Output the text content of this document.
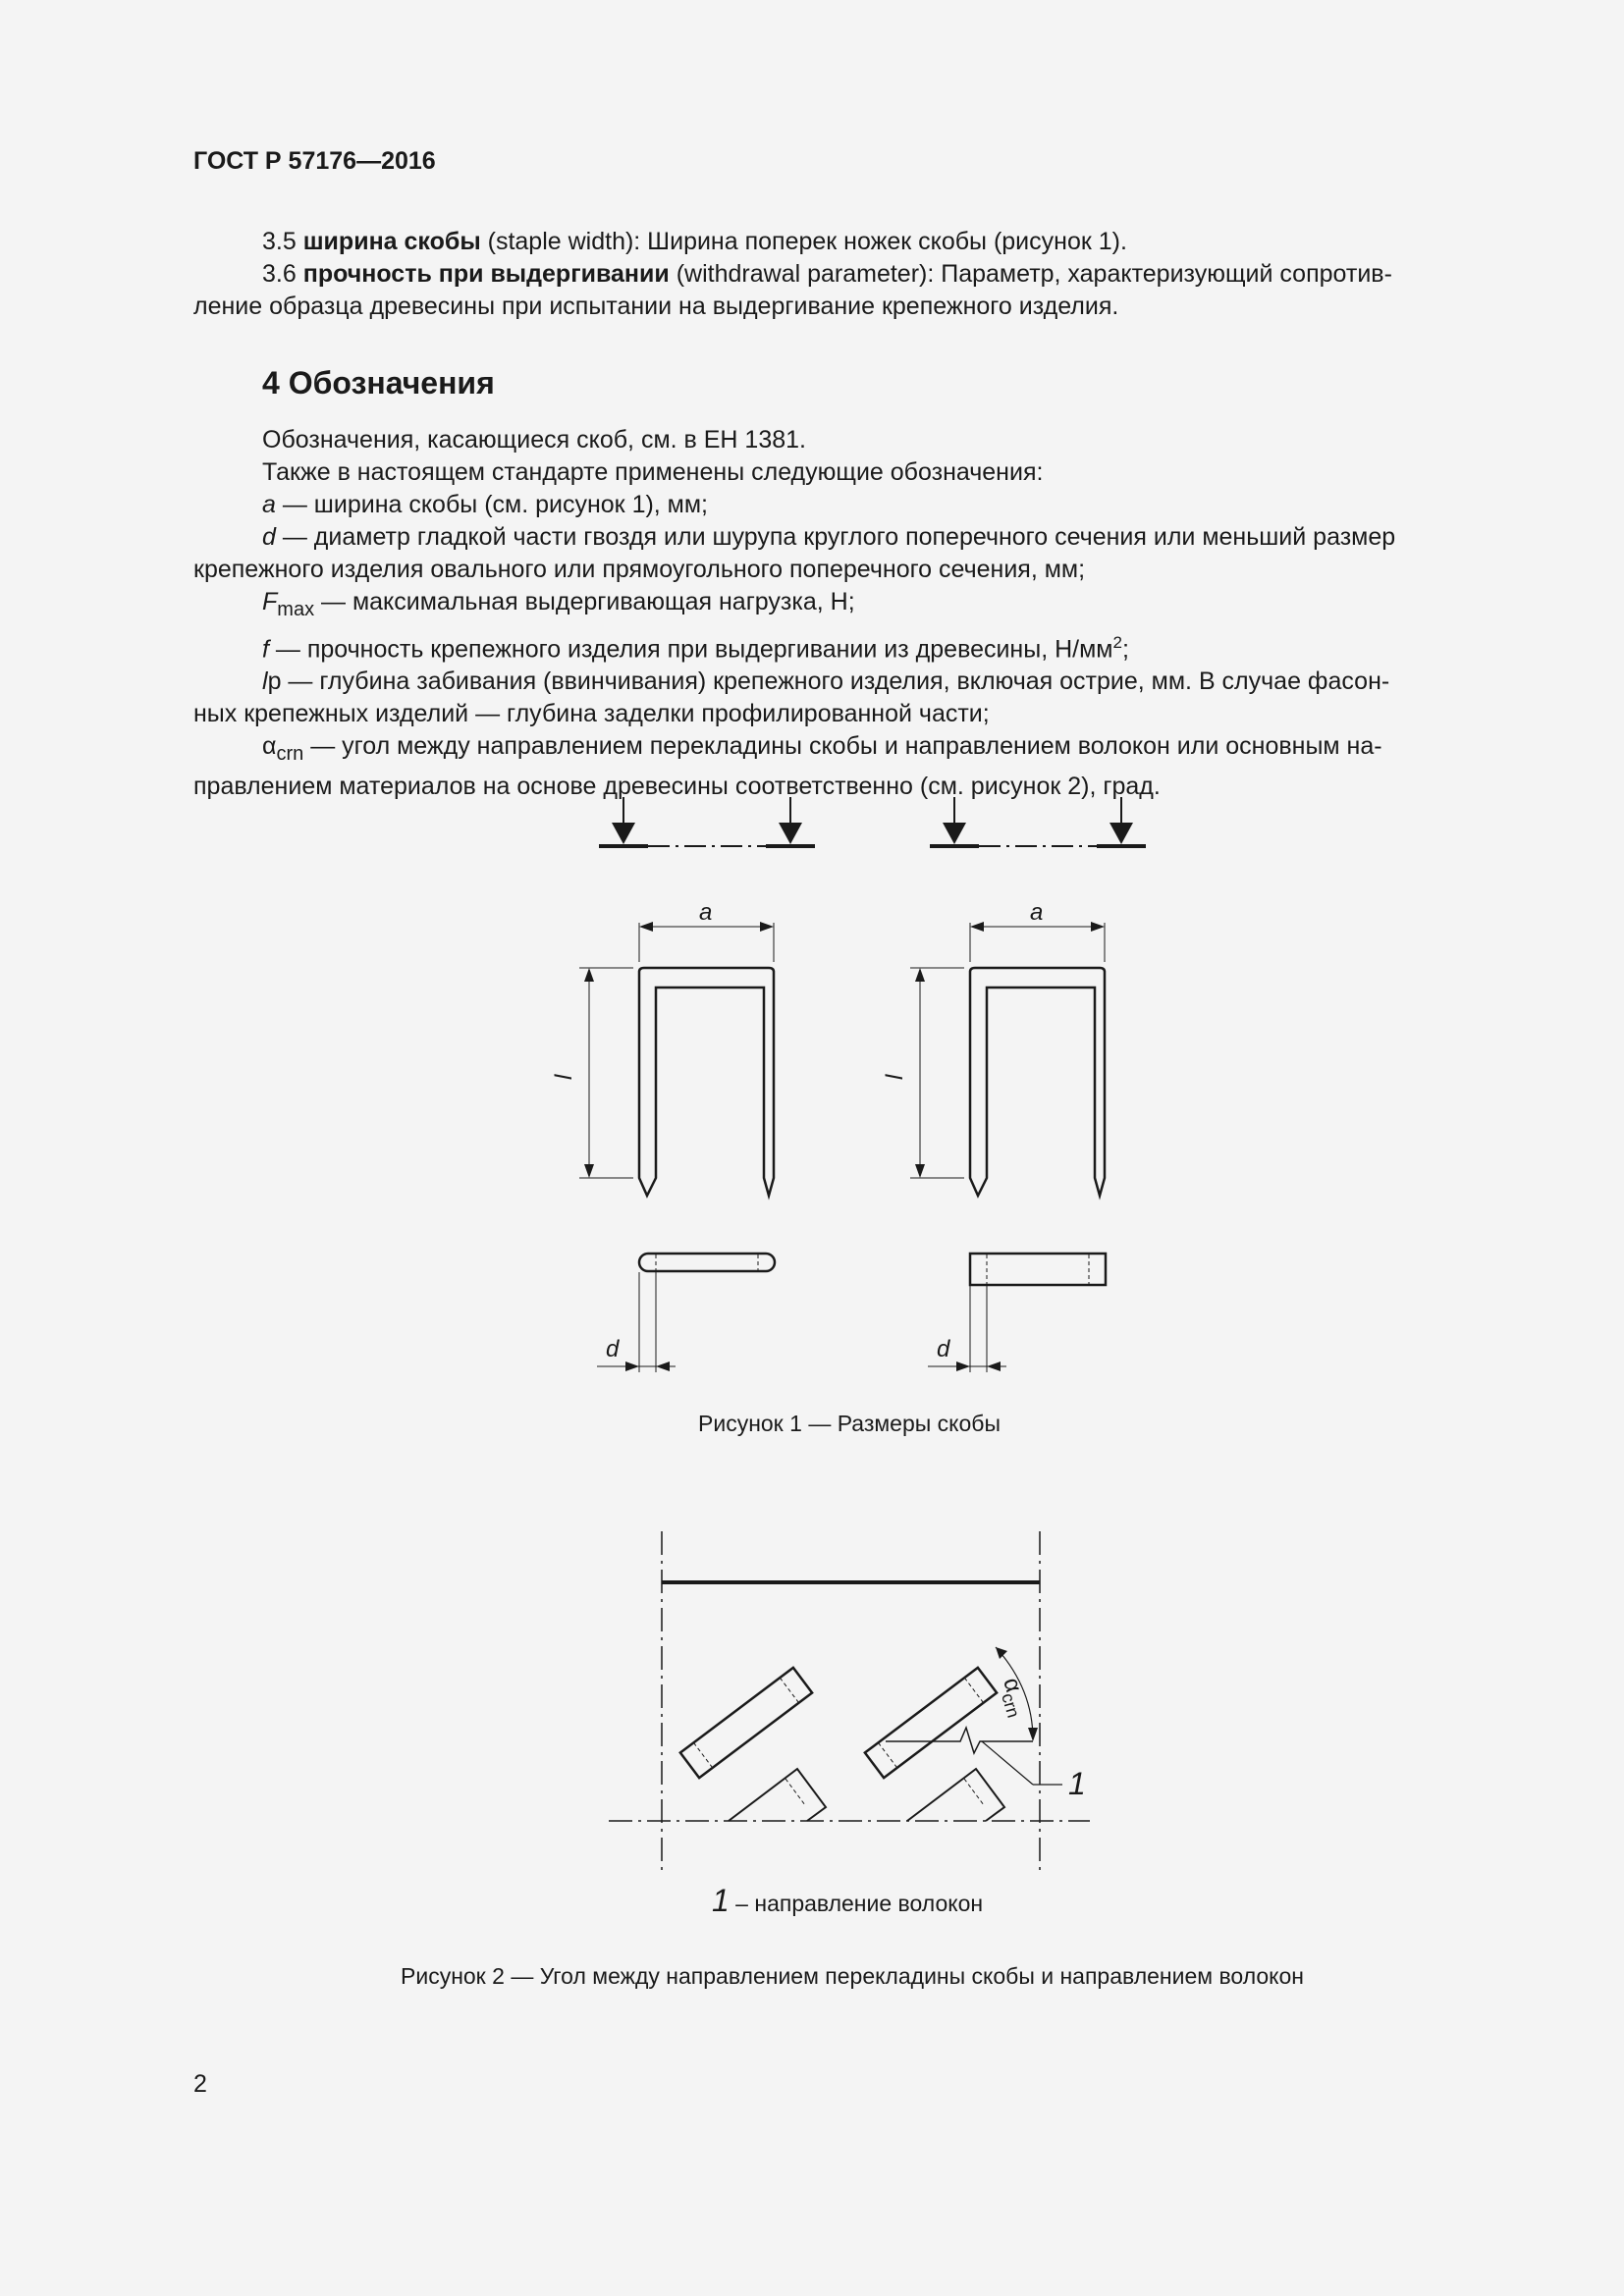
ГОСТ Р 57176—2016

3.5 ширина скобы (staple width): Ширина поперек ножек скобы (рисунок 1).

3.6 прочность при выдергивании (withdrawal parameter): Параметр, характеризующий сопротив-

ление образца древесины при испытании на выдергивание крепежного изделия.

4 Обозначения

Обозначения, касающиеся скоб, см. в ЕН 1381.

Также в настоящем стандарте применены следующие обозначения:

a — ширина скобы (см. рисунок 1), мм;

d — диаметр гладкой части гвоздя или шурупа круглого поперечного сечения или меньший размер

крепежного изделия овального или прямоугольного поперечного сечения, мм;

$F_{max}$ — максимальная выдергивающая нагрузка, Н;

f — прочность крепежного изделия при выдергивании из древесины, $Н/мм^2$;

lp — глубина забивания (ввинчивания) крепежного изделия, включая острие, мм. В случае фасон-

ных крепежных изделий — глубина заделки профилированной части;

$\alpha_{crn}$ — угол между направлением перекладины скобы и направлением волокон или основным на-

правлением материалов на основе древесины соответственно (см. рисунок 2), град.

a	a
l	l
d	d
Рисунок 1 — Размеры скобы
$\alpha_{crn}$
1
1 – направление волокон
Рисунок 2 — Угол между направлением перекладины скобы и направлением волокон
2
